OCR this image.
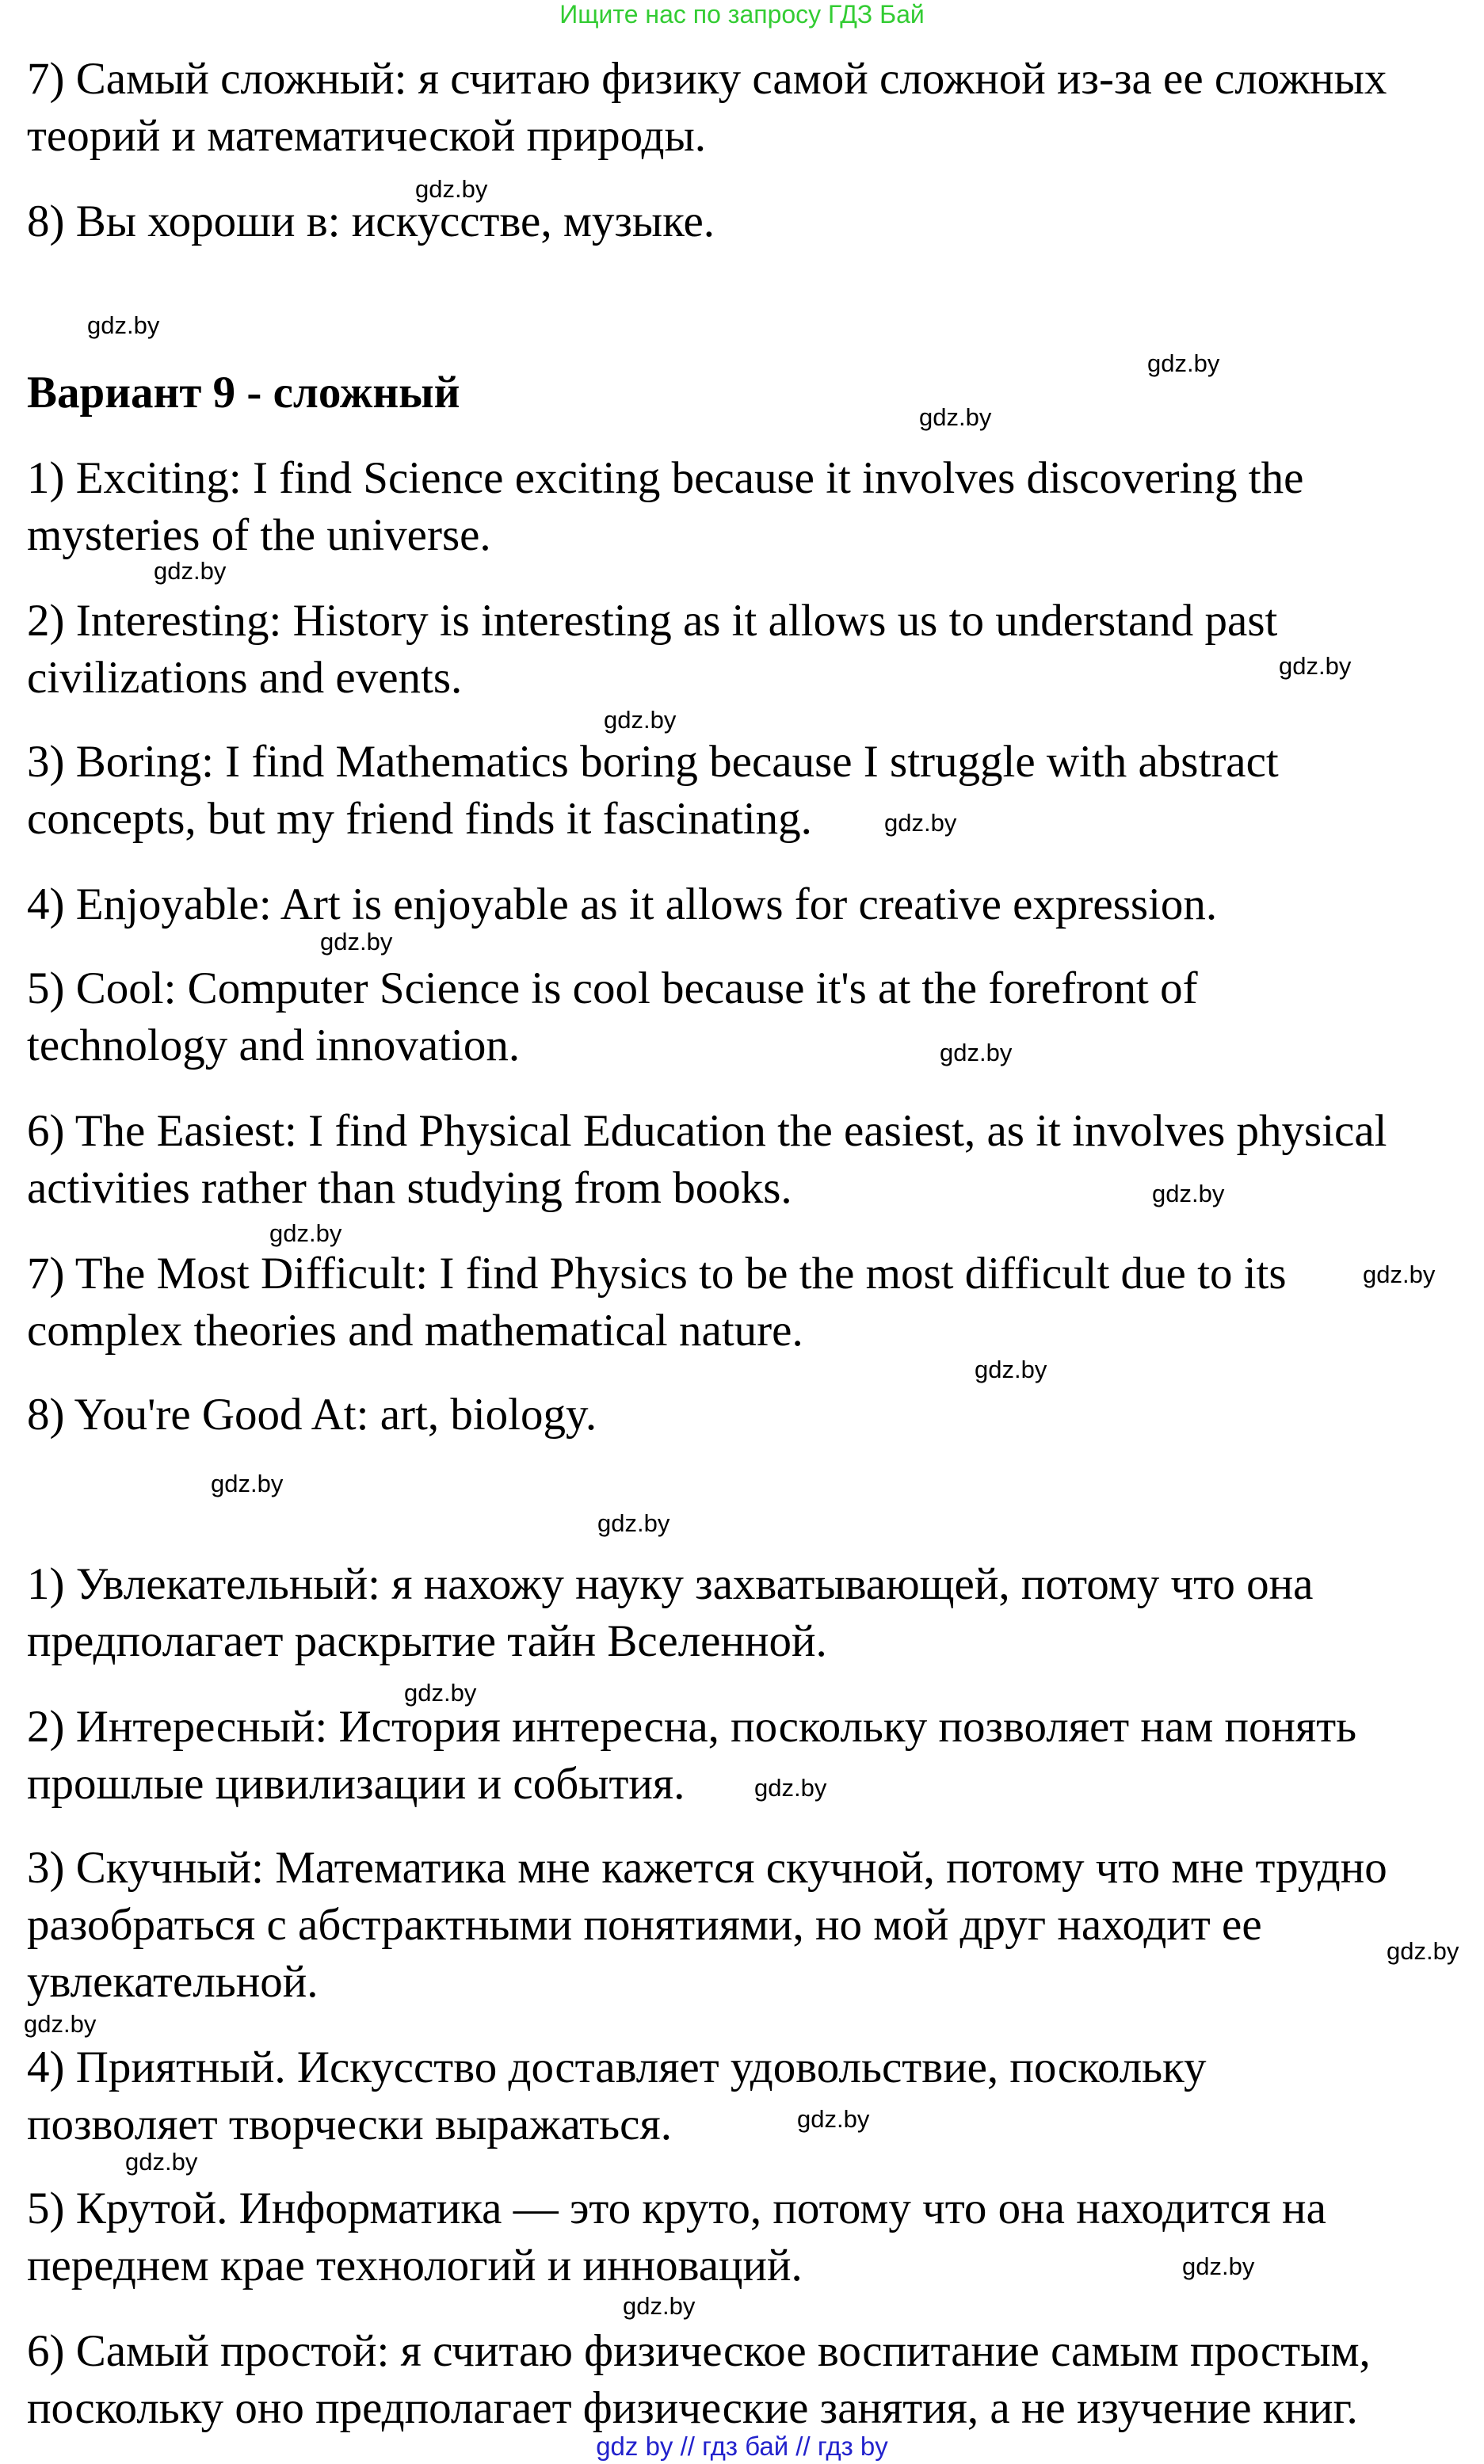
Ищите нас по запросу ГДЗ Бай
7) Самый сложный: я считаю физику самой сложной из-за ее сложных
теорий и математической природы.
8) Вы хороши в: искусстве, музыке.
Вариант 9 - сложный
1) Exciting: I find Science exciting because it involves discovering the
mysteries of the universe.
2) Interesting: History is interesting as it allows us to understand past
civilizations and events.
3) Boring: I find Mathematics boring because I struggle with abstract
concepts, but my friend finds it fascinating.
4) Enjoyable: Art is enjoyable as it allows for creative expression.
5) Cool: Computer Science is cool because it's at the forefront of
technology and innovation.
6) The Easiest: I find Physical Education the easiest, as it involves physical
activities rather than studying from books.
7) The Most Difficult: I find Physics to be the most difficult due to its
complex theories and mathematical nature.
8) You're Good At: art, biology.
1) Увлекательный: я нахожу науку захватывающей, потому что она
предполагает раскрытие тайн Вселенной.
2) Интересный: История интересна, поскольку позволяет нам понять
прошлые цивилизации и события.
3) Скучный: Математика мне кажется скучной, потому что мне трудно
разобраться с абстрактными понятиями, но мой друг находит ее
увлекательной.
4) Приятный. Искусство доставляет удовольствие, поскольку
позволяет творчески выражаться.
5) Крутой. Информатика — это круто, потому что она находится на
переднем крае технологий и инноваций.
6) Самый простой: я считаю физическое воспитание самым простым,
поскольку оно предполагает физические занятия, а не изучение книг.
gdz.by
gdz.by
gdz.by
gdz.by
gdz.by
gdz.by
gdz.by
gdz.by
gdz.by
gdz.by
gdz.by
gdz.by
gdz.by
gdz.by
gdz.by
gdz.by
gdz.by
gdz.by
gdz.by
gdz.by
gdz.by
gdz.by
gdz.by
gdz.by
gdz by // гдз бай // гдз by
